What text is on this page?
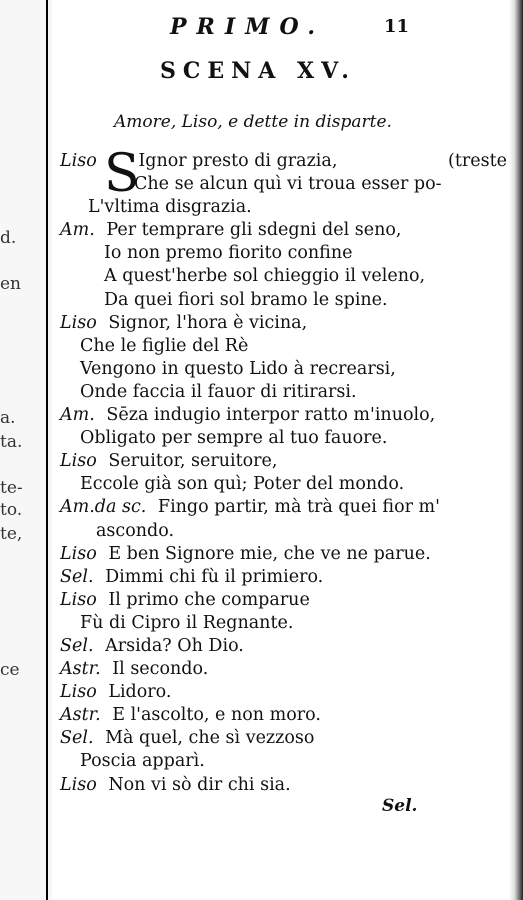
d.
en
a.
ta.
te-
to.
te,
ce
PRIMO.	11
SCENA XV.
Amore, Liso, e dette in disparte.
Liso S
Ignor presto di grazia,	(treste
Che se alcun quì vi troua esser po-
L'vltima disgrazia.
Am. Per temprare gli sdegni del seno,
Io non premo fiorito confine
A quest'herbe sol chieggio il veleno,
Da quei fiori sol bramo le spine.
Liso Signor, l'hora è vicina,
Che le figlie del Rè
Vengono in questo Lido à recrearsi,
Onde faccia il fauor di ritirarsi.
Am. Sēza indugio interpor ratto m'inuolo,
Obligato per sempre al tuo fauore.
Liso Seruitor, seruitore,
Eccole già son quì; Poter del mondo.
Am.da sc. Fingo partir, mà trà quei fior m'
ascondo.
Liso E ben Signore mie, che ve ne parue.
Sel. Dimmi chi fù il primiero.
Liso Il primo che comparue
Fù di Cipro il Regnante.
Sel. Arsida? Oh Dio.
Astr. Il secondo.
Liso Lidoro.
Astr. E l'ascolto, e non moro.
Sel. Mà quel, che sì vezzoso
Poscia apparì.
Liso Non vi sò dir chi sia.
Sel.
